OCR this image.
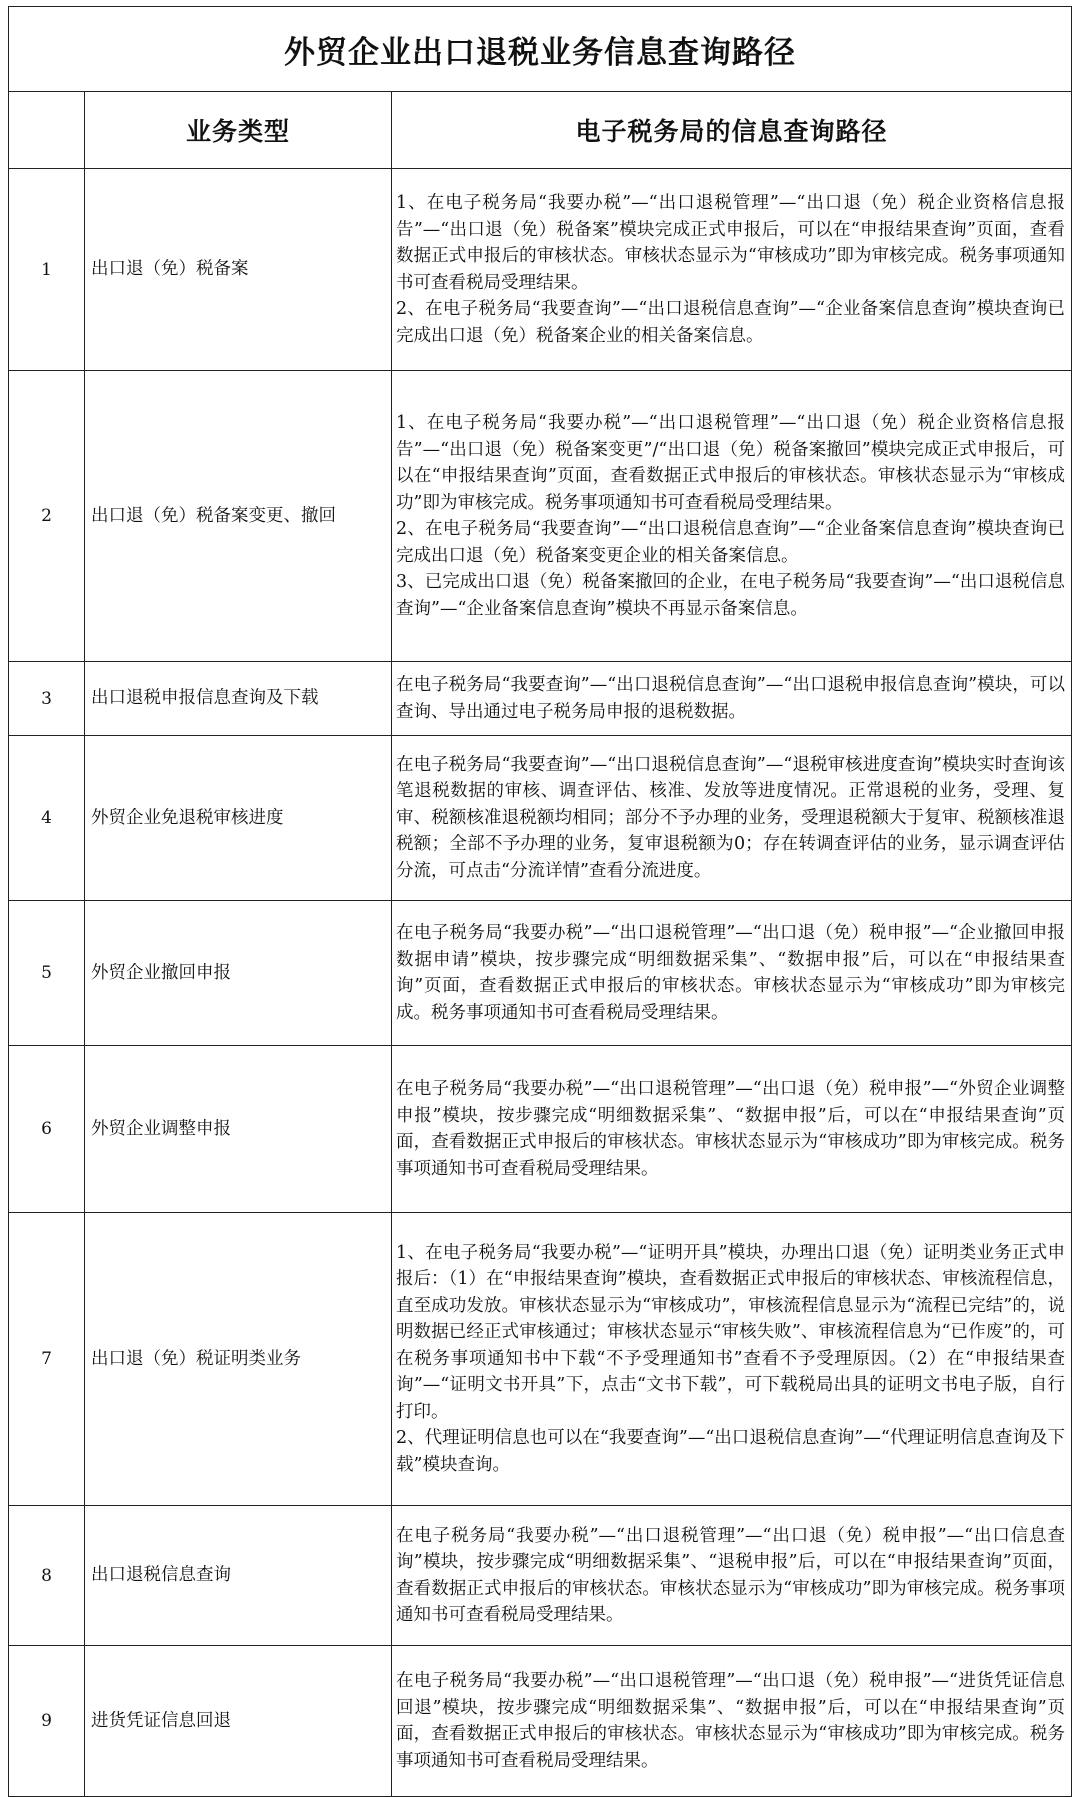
外贸企业出口退税业务信息查询路径		
	业务类型	电子税务局的信息查询路径
1	出口退（免）税备案	1、在电子税务局“我要办税”—“出口退税管理”—“出口退（免）税企业资格信息报告”—“出口退（免）税备案”模块完成正式申报后，可以在“申报结果查询”页面，查看数据正式申报后的审核状态。审核状态显示为“审核成功”即为审核完成。税务事项通知书可查看税局受理结果。

2、在电子税务局“我要查询”—“出口退税信息查询”—“企业备案信息查询”模块查询已完成出口退（免）税备案企业的相关备案信息。

2	出口退（免）税备案变更、撤回	1、在电子税务局“我要办税”—“出口退税管理”—“出口退（免）税企业资格信息报告”—“出口退（免）税备案变更”/“出口退（免）税备案撤回”模块完成正式申报后，可以在“申报结果查询”页面，查看数据正式申报后的审核状态。审核状态显示为“审核成功”即为审核完成。税务事项通知书可查看税局受理结果。

2、在电子税务局“我要查询”—“出口退税信息查询”—“企业备案信息查询”模块查询已完成出口退（免）税备案变更企业的相关备案信息。

3、已完成出口退（免）税备案撤回的企业，在电子税务局“我要查询”—“出口退税信息查询”—“企业备案信息查询”模块不再显示备案信息。

3	出口退税申报信息查询及下载	在电子税务局“我要查询”—“出口退税信息查询”—“出口退税申报信息查询”模块，可以查询、导出通过电子税务局申报的退税数据。

4	外贸企业免退税审核进度	在电子税务局“我要查询”—“出口退税信息查询”—“退税审核进度查询”模块实时查询该笔退税数据的审核、调查评估、核准、发放等进度情况。正常退税的业务，受理、复审、税额核准退税额均相同；部分不予办理的业务，受理退税额大于复审、税额核准退税额；全部不予办理的业务，复审退税额为0；存在转调查评估的业务，显示调查评估分流，可点击“分流详情”查看分流进度。

5	外贸企业撤回申报	在电子税务局“我要办税”—“出口退税管理”—“出口退（免）税申报”—“企业撤回申报数据申请”模块，按步骤完成“明细数据采集”、“数据申报”后，可以在“申报结果查询”页面，查看数据正式申报后的审核状态。审核状态显示为“审核成功”即为审核完成。税务事项通知书可查看税局受理结果。

6	外贸企业调整申报	在电子税务局“我要办税”—“出口退税管理”—“出口退（免）税申报”—“外贸企业调整申报”模块，按步骤完成“明细数据采集”、“数据申报”后，可以在“申报结果查询”页面，查看数据正式申报后的审核状态。审核状态显示为“审核成功”即为审核完成。税务事项通知书可查看税局受理结果。

7	出口退（免）税证明类业务	1、在电子税务局“我要办税”—“证明开具”模块，办理出口退（免）证明类业务正式申报后：（1）在“申报结果查询”模块，查看数据正式申报后的审核状态、审核流程信息，直至成功发放。审核状态显示为“审核成功”，审核流程信息显示为“流程已完结”的，说明数据已经正式审核通过；审核状态显示“审核失败”、审核流程信息为“已作废”的，可在税务事项通知书中下载“不予受理通知书”查看不予受理原因。（2）在“申报结果查询”—“证明文书开具”下，点击“文书下载”，可下载税局出具的证明文书电子版，自行打印。

2、代理证明信息也可以在“我要查询”—“出口退税信息查询”—“代理证明信息查询及下载”模块查询。

8	出口退税信息查询	在电子税务局“我要办税”—“出口退税管理”—“出口退（免）税申报”—“出口信息查询”模块，按步骤完成“明细数据采集”、“退税申报”后，可以在“申报结果查询”页面，查看数据正式申报后的审核状态。审核状态显示为“审核成功”即为审核完成。税务事项通知书可查看税局受理结果。

9	进货凭证信息回退	在电子税务局“我要办税”—“出口退税管理”—“出口退（免）税申报”—“进货凭证信息回退”模块，按步骤完成“明细数据采集”、“数据申报”后，可以在“申报结果查询”页面，查看数据正式申报后的审核状态。审核状态显示为“审核成功”即为审核完成。税务事项通知书可查看税局受理结果。
